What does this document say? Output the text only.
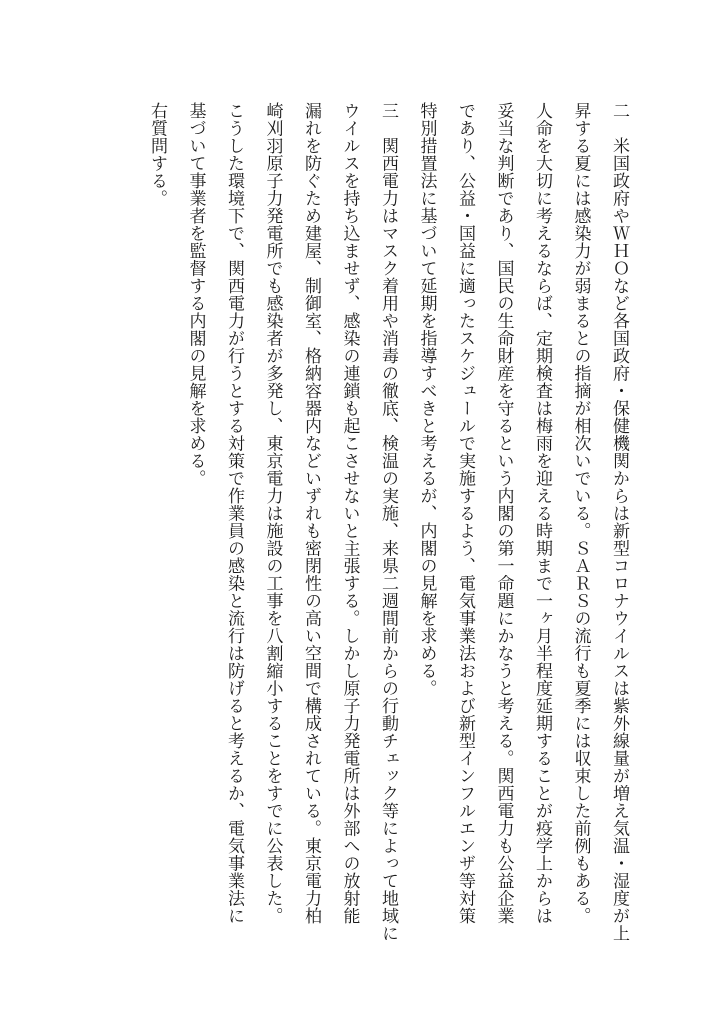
二　米国政府やＷＨＯなど各国政府・保健機関からは新型コロナウイルスは紫外線量が増え気温・湿度が上
昇する夏には感染力が弱まるとの指摘が相次いでいる。ＳＡＲＳの流行も夏季には収束した前例もある。
人命を大切に考えるならば、定期検査は梅雨を迎える時期まで一ヶ月半程度延期することが疫学上からは
妥当な判断であり、国民の生命財産を守るという内閣の第一命題にかなうと考える。関西電力も公益企業
であり、公益・国益に適ったスケジュールで実施するよう、電気事業法および新型インフルエンザ等対策
特別措置法に基づいて延期を指導すべきと考えるが、内閣の見解を求める。
三　関西電力はマスク着用や消毒の徹底、検温の実施、来県二週間前からの行動チェック等によって地域に
ウイルスを持ち込ませず、感染の連鎖も起こさせないと主張する。しかし原子力発電所は外部への放射能
漏れを防ぐため建屋、制御室、格納容器内などいずれも密閉性の高い空間で構成されている。東京電力柏
崎刈羽原子力発電所でも感染者が多発し、東京電力は施設の工事を八割縮小することをすでに公表した。
こうした環境下で、関西電力が行うとする対策で作業員の感染と流行は防げると考えるか、電気事業法に
基づいて事業者を監督する内閣の見解を求める。
右質問する。
